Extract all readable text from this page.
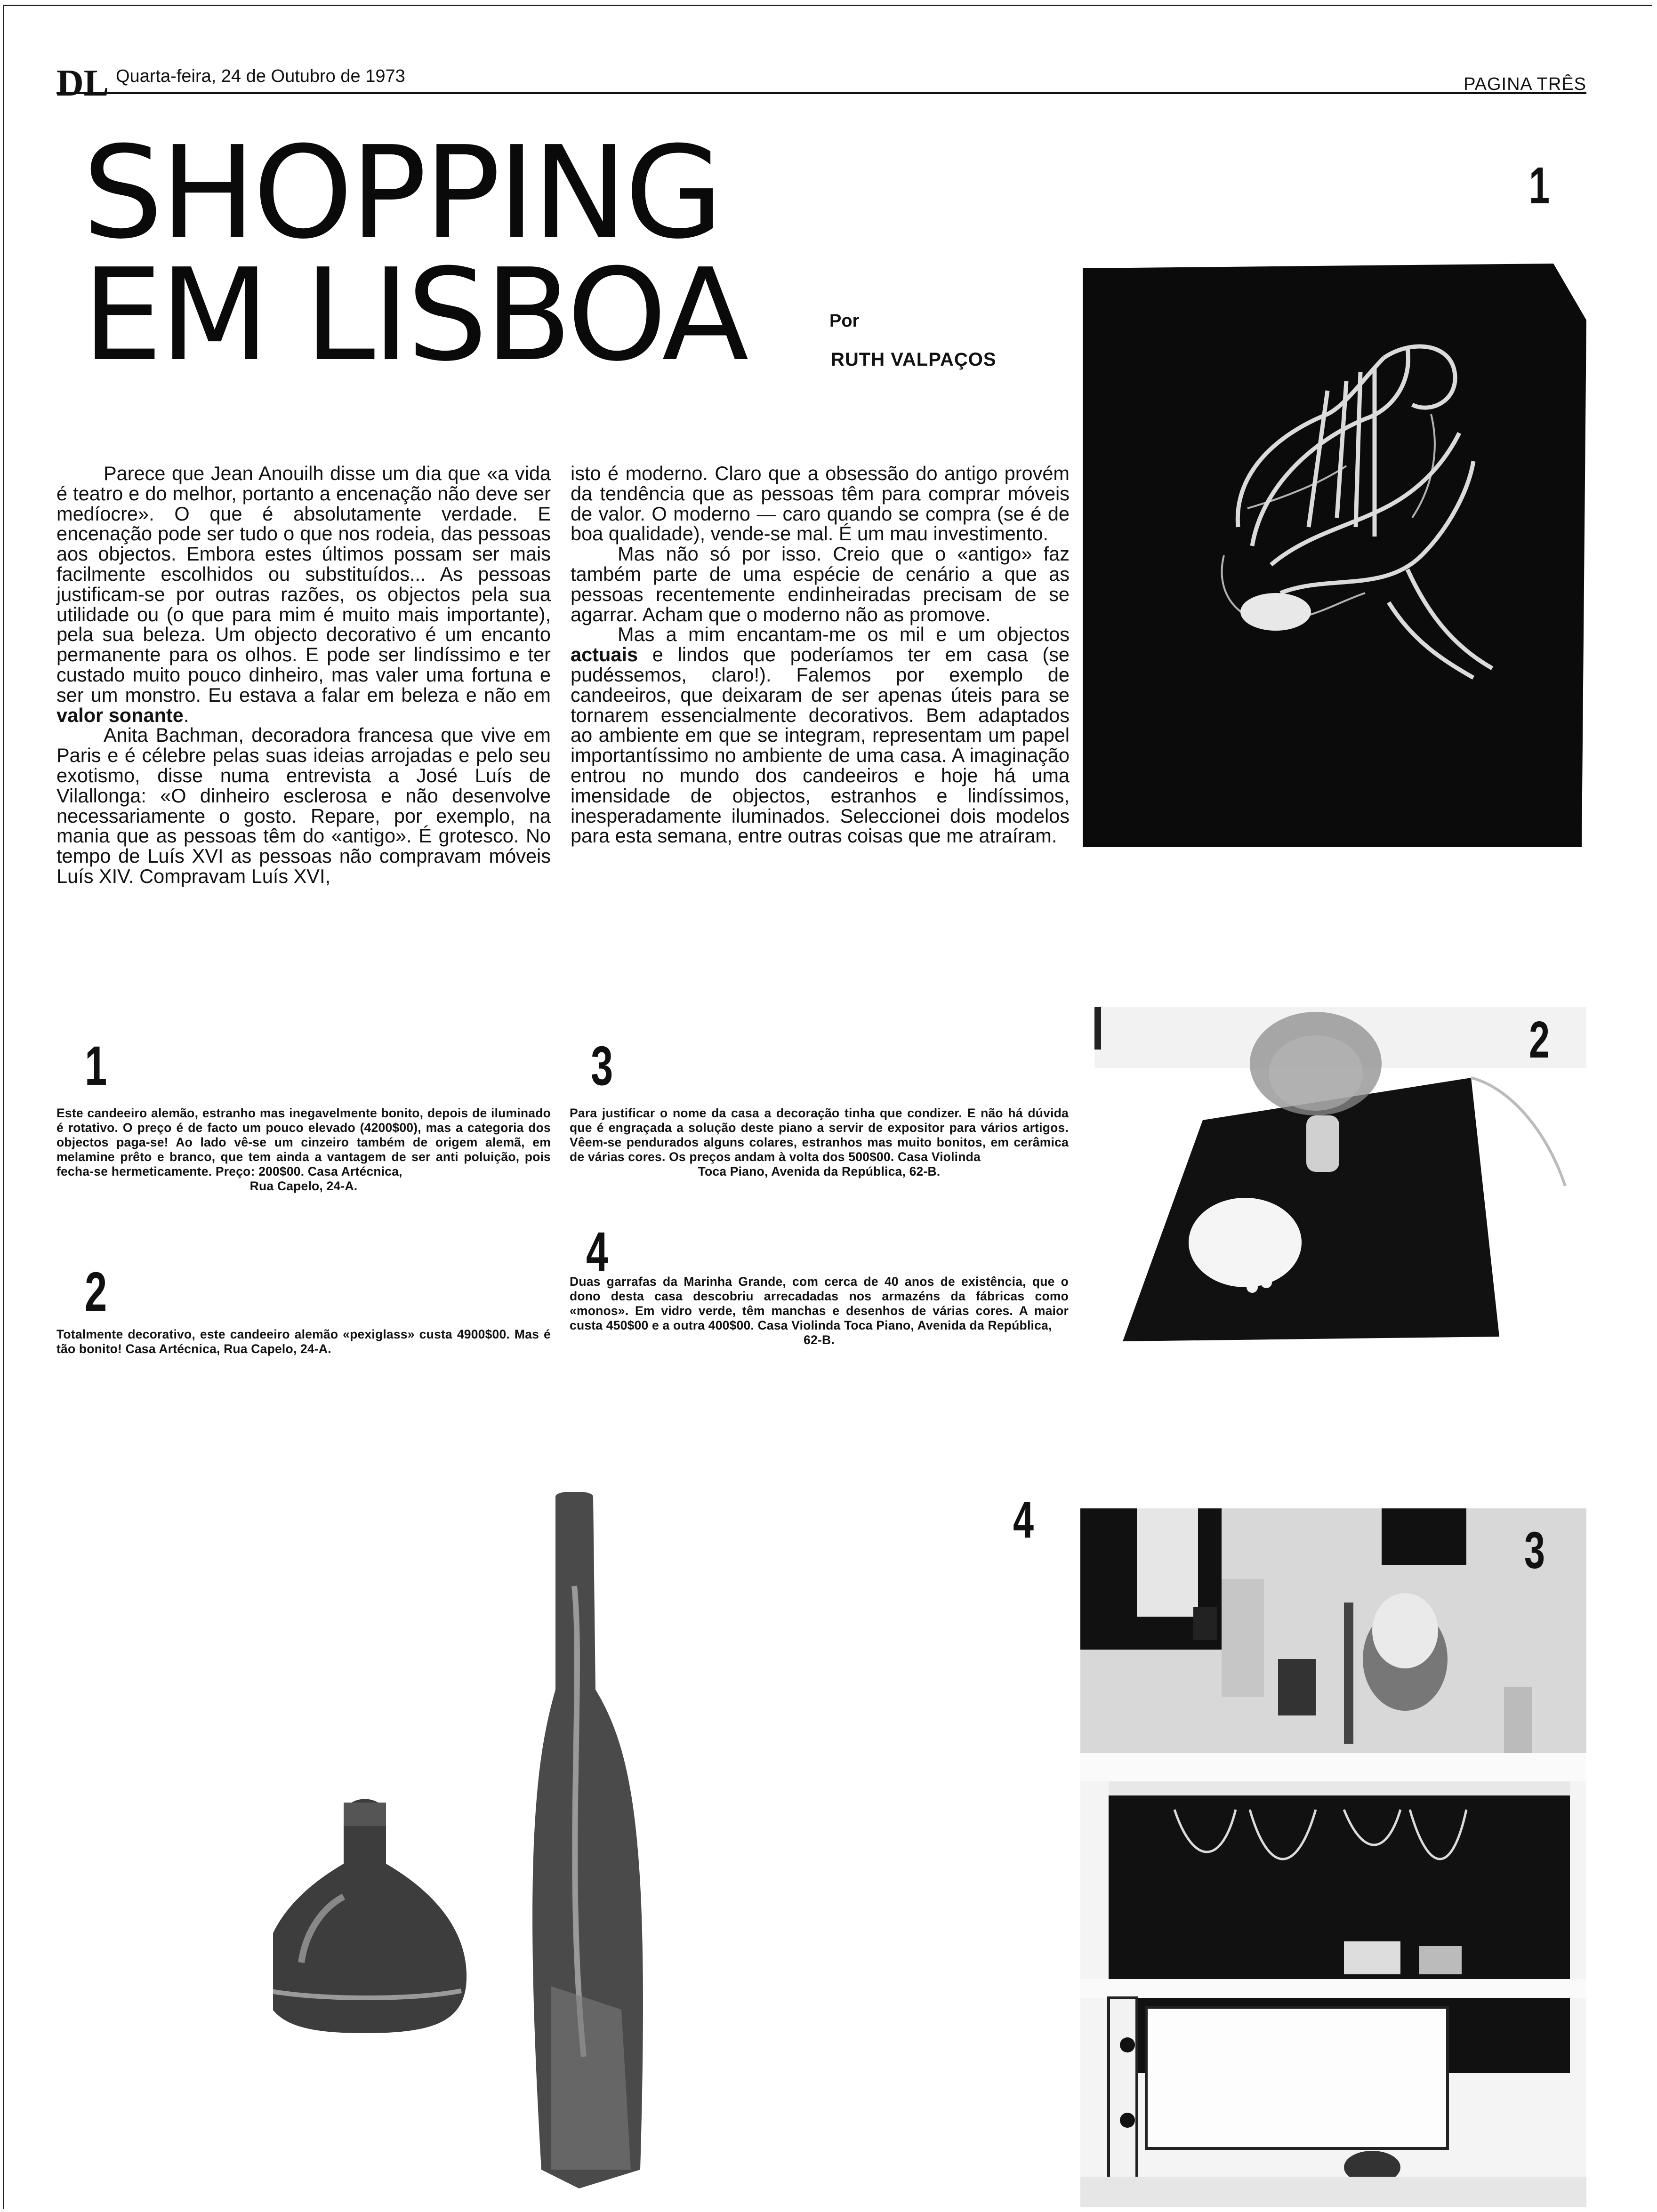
DL Quarta-feira, 24 de Outubro de 1973	PAGINA TRÊS
SHOPPING
EM LISBOA	Por
RUTH VALPAÇOS
1

Parece que Jean Anouilh disse um dia que «a vida é teatro e do melhor, portanto a encenação não deve ser medíocre». O que é absolutamente verdade. E encenação pode ser tudo o que nos rodeia, das pessoas aos objectos. Embora estes últimos possam ser mais facilmente escolhidos ou substituídos... As pessoas justificam-se por outras razões, os objectos pela sua utilidade ou (o que para mim é muito mais importante), pela sua beleza. Um objecto decorativo é um encanto permanente para os olhos. E pode ser lindíssimo e ter custado muito pouco dinheiro, mas valer uma fortuna e ser um monstro. Eu estava a falar em beleza e não em valor sonante.

Anita Bachman, decoradora francesa que vive em Paris e é célebre pelas suas ideias arrojadas e pelo seu exotismo, disse numa entrevista a José Luís de Vilallonga: «O dinheiro esclerosa e não desenvolve necessariamente o gosto. Repare, por exemplo, na mania que as pessoas têm do «antigo». É grotesco. No tempo de Luís XVI as pessoas não compravam móveis Luís XIV. Compravam Luís XVI,

isto é moderno. Claro que a obsessão do antigo provém da tendência que as pessoas têm para comprar móveis de valor. O moderno — caro quando se compra (se é de boa qualidade), vende-se mal. É um mau investimento.

Mas não só por isso. Creio que o «antigo» faz também parte de uma espécie de cenário a que as pessoas recentemente endinheiradas precisam de se agarrar. Acham que o moderno não as promove.

Mas a mim encantam-me os mil e um objectos actuais e lindos que poderíamos ter em casa (se pudéssemos, claro!). Falemos por exemplo de candeeiros, que deixaram de ser apenas úteis para se tornarem essencialmente decorativos. Bem adaptados ao ambiente em que se integram, representam um papel importantíssimo no ambiente de uma casa. A imaginação entrou no mundo dos candeeiros e hoje há uma imensidade de objectos, estranhos e lindíssimos, inesperadamente iluminados. Seleccionei dois modelos para esta semana, entre outras coisas que me atraíram.

1
Este candeeiro alemão, estranho mas inegavelmente bonito, depois de iluminado é rotativo. O preço é de facto um pouco elevado (4200$00), mas a categoria dos objectos paga-se! Ao lado vê-se um cinzeiro também de origem alemã, em melamine prêto e branco, que tem ainda a vantagem de ser anti poluição, pois fecha-se hermeticamente. Preço: 200$00. Casa Artécnica,
Rua Capelo, 24-A.
2
Totalmente decorativo, este candeeiro alemão «pexiglass» custa 4900$00. Mas é tão bonito! Casa Artécnica, Rua Capelo, 24-A.
3
Para justificar o nome da casa a decoração tinha que condizer. E não há dúvida que é engraçada a solução deste piano a servir de expositor para vários artigos. Vêem-se pendurados alguns colares, estranhos mas muito bonitos, em cerâmica de várias cores. Os preços andam à volta dos 500$00. Casa Violinda
Toca Piano, Avenida da República, 62-B.
4
Duas garrafas da Marinha Grande, com cerca de 40 anos de existência, que o dono desta casa descobriu arrecadadas nos armazéns da fábricas como «monos». Em vidro verde, têm manchas e desenhos de várias cores. A maior custa 450$00 e a outra 400$00. Casa Violinda Toca Piano, Avenida da República,
62-B.
2
4
3
